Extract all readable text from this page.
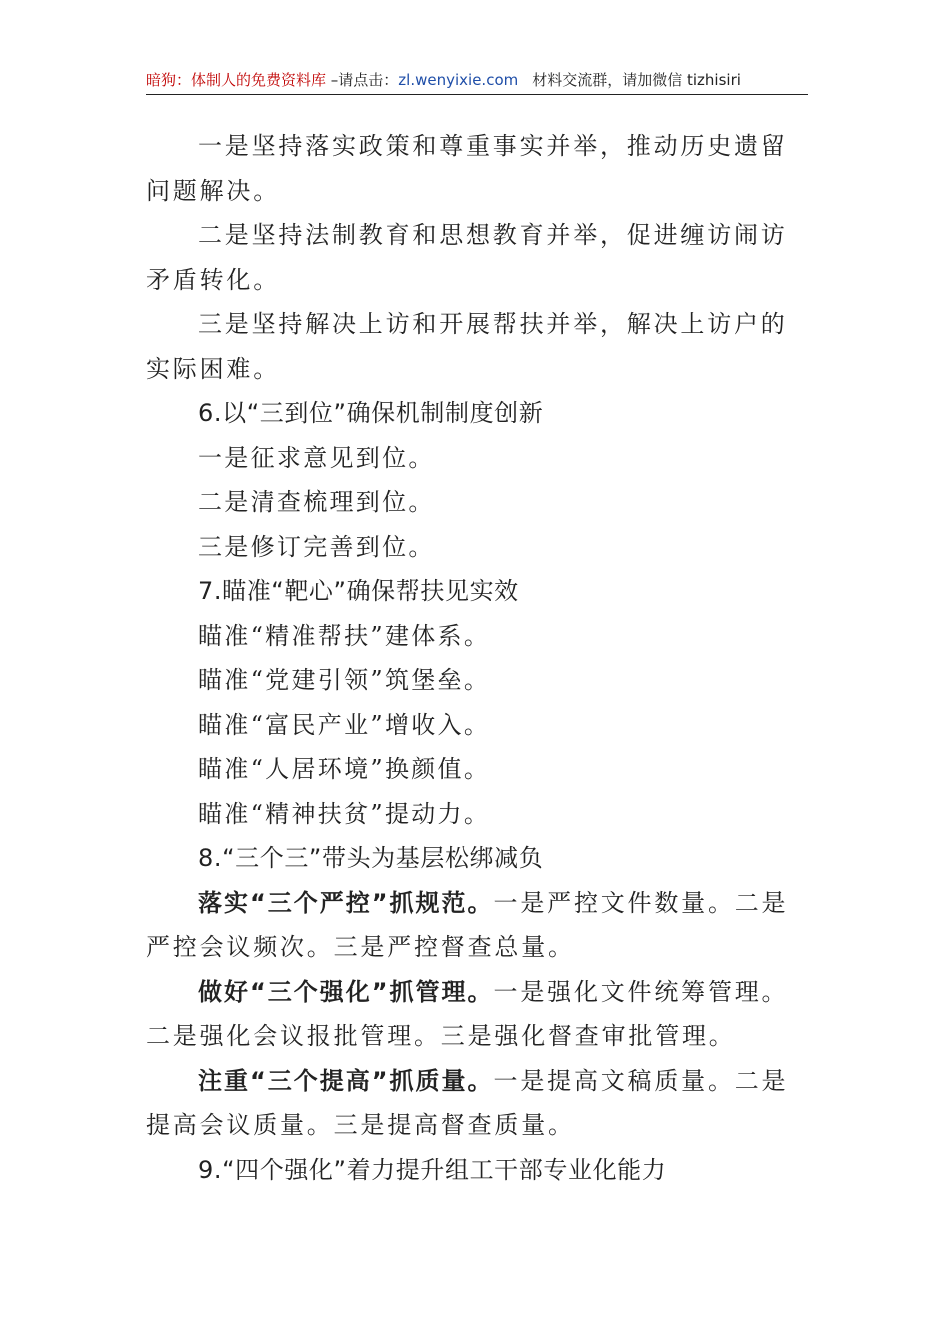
暗狗：体制人的免费资料库 –请点击：zl.wenyixie.com 材料交流群，请加微信 tizhisiri

一是坚持落实政策和尊重事实并举，推动历史遗留问题解决。

二是坚持法制教育和思想教育并举，促进缠访闹访矛盾转化。

三是坚持解决上访和开展帮扶并举，解决上访户的实际困难。

6.以“三到位”确保机制制度创新

一是征求意见到位。

二是清查梳理到位。

三是修订完善到位。

7.瞄准“靶心”确保帮扶见实效

瞄准“精准帮扶”建体系。

瞄准“党建引领”筑堡垒。

瞄准“富民产业”增收入。

瞄准“人居环境”换颜值。

瞄准“精神扶贫”提动力。

8.“三个三”带头为基层松绑减负

落实“三个严控”抓规范。一是严控文件数量。二是严控会议频次。三是严控督查总量。

做好“三个强化”抓管理。一是强化文件统筹管理。二是强化会议报批管理。三是强化督查审批管理。

注重“三个提高”抓质量。一是提高文稿质量。二是提高会议质量。三是提高督查质量。

9.“四个强化”着力提升组工干部专业化能力
